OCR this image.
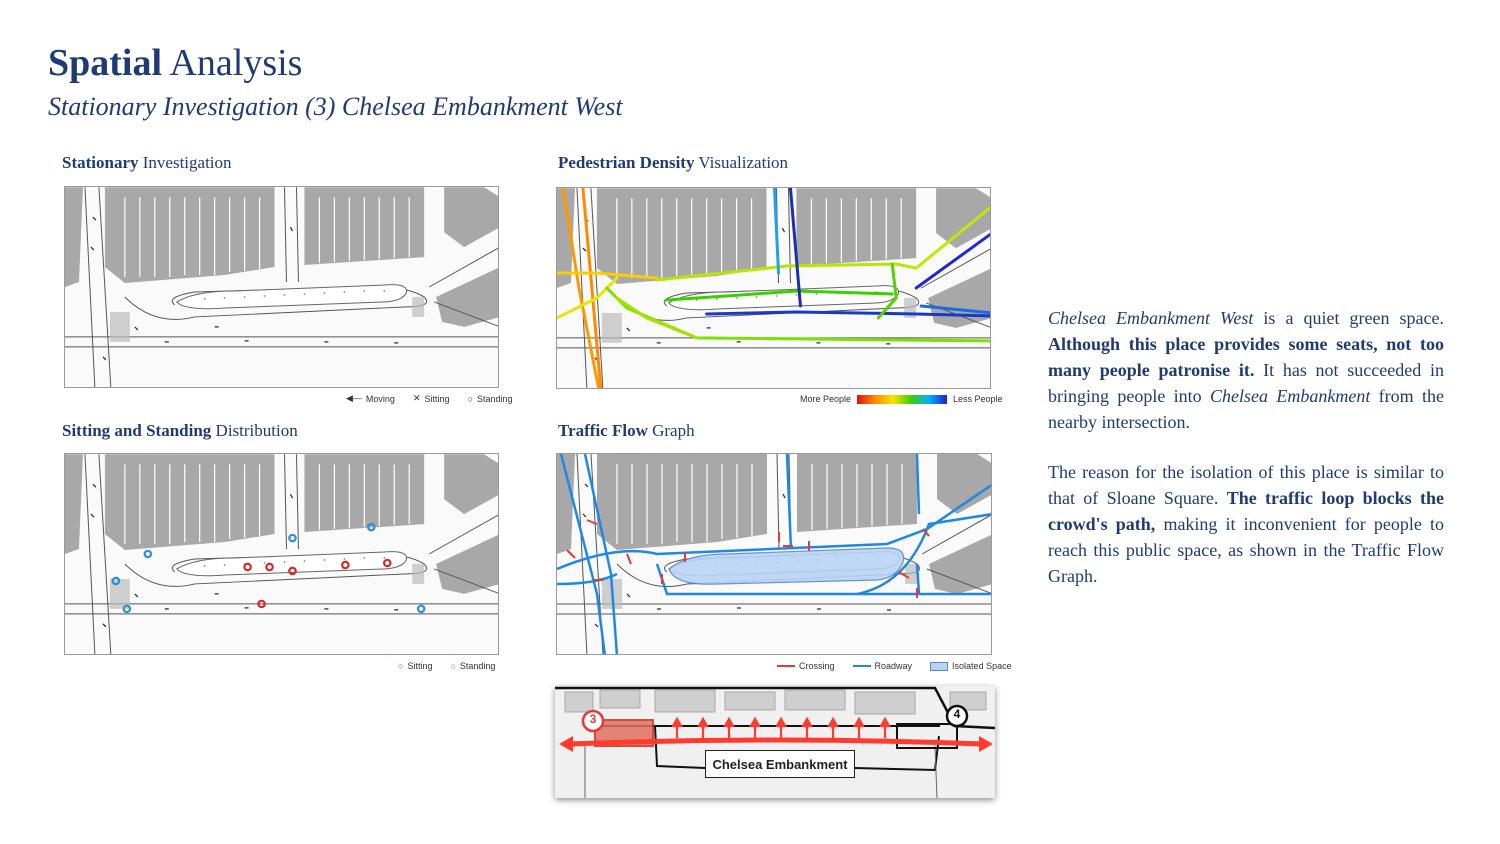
Spatial Analysis
Stationary Investigation (3) Chelsea Embankment West
Stationary Investigation	Pedestrian Density Visualization
Sitting and Standing Distribution	Traffic Flow Graph
◀— Moving ✕ Sitting ○ Standing	More People	Less People
○ Sitting ○ Standing	Crossing	Roadway	Isolated Space
3	4
Chelsea Embankment

Chelsea Embankment West is a quiet green space. Although this place provides some seats, not too many people patronise it. It has not succeeded in bringing people into Chelsea Embankment from the nearby intersection.

The reason for the isolation of this place is similar to that of Sloane Square. The traffic loop blocks the crowd's path, making it inconvenient for people to reach this public space, as shown in the Traffic Flow Graph.
